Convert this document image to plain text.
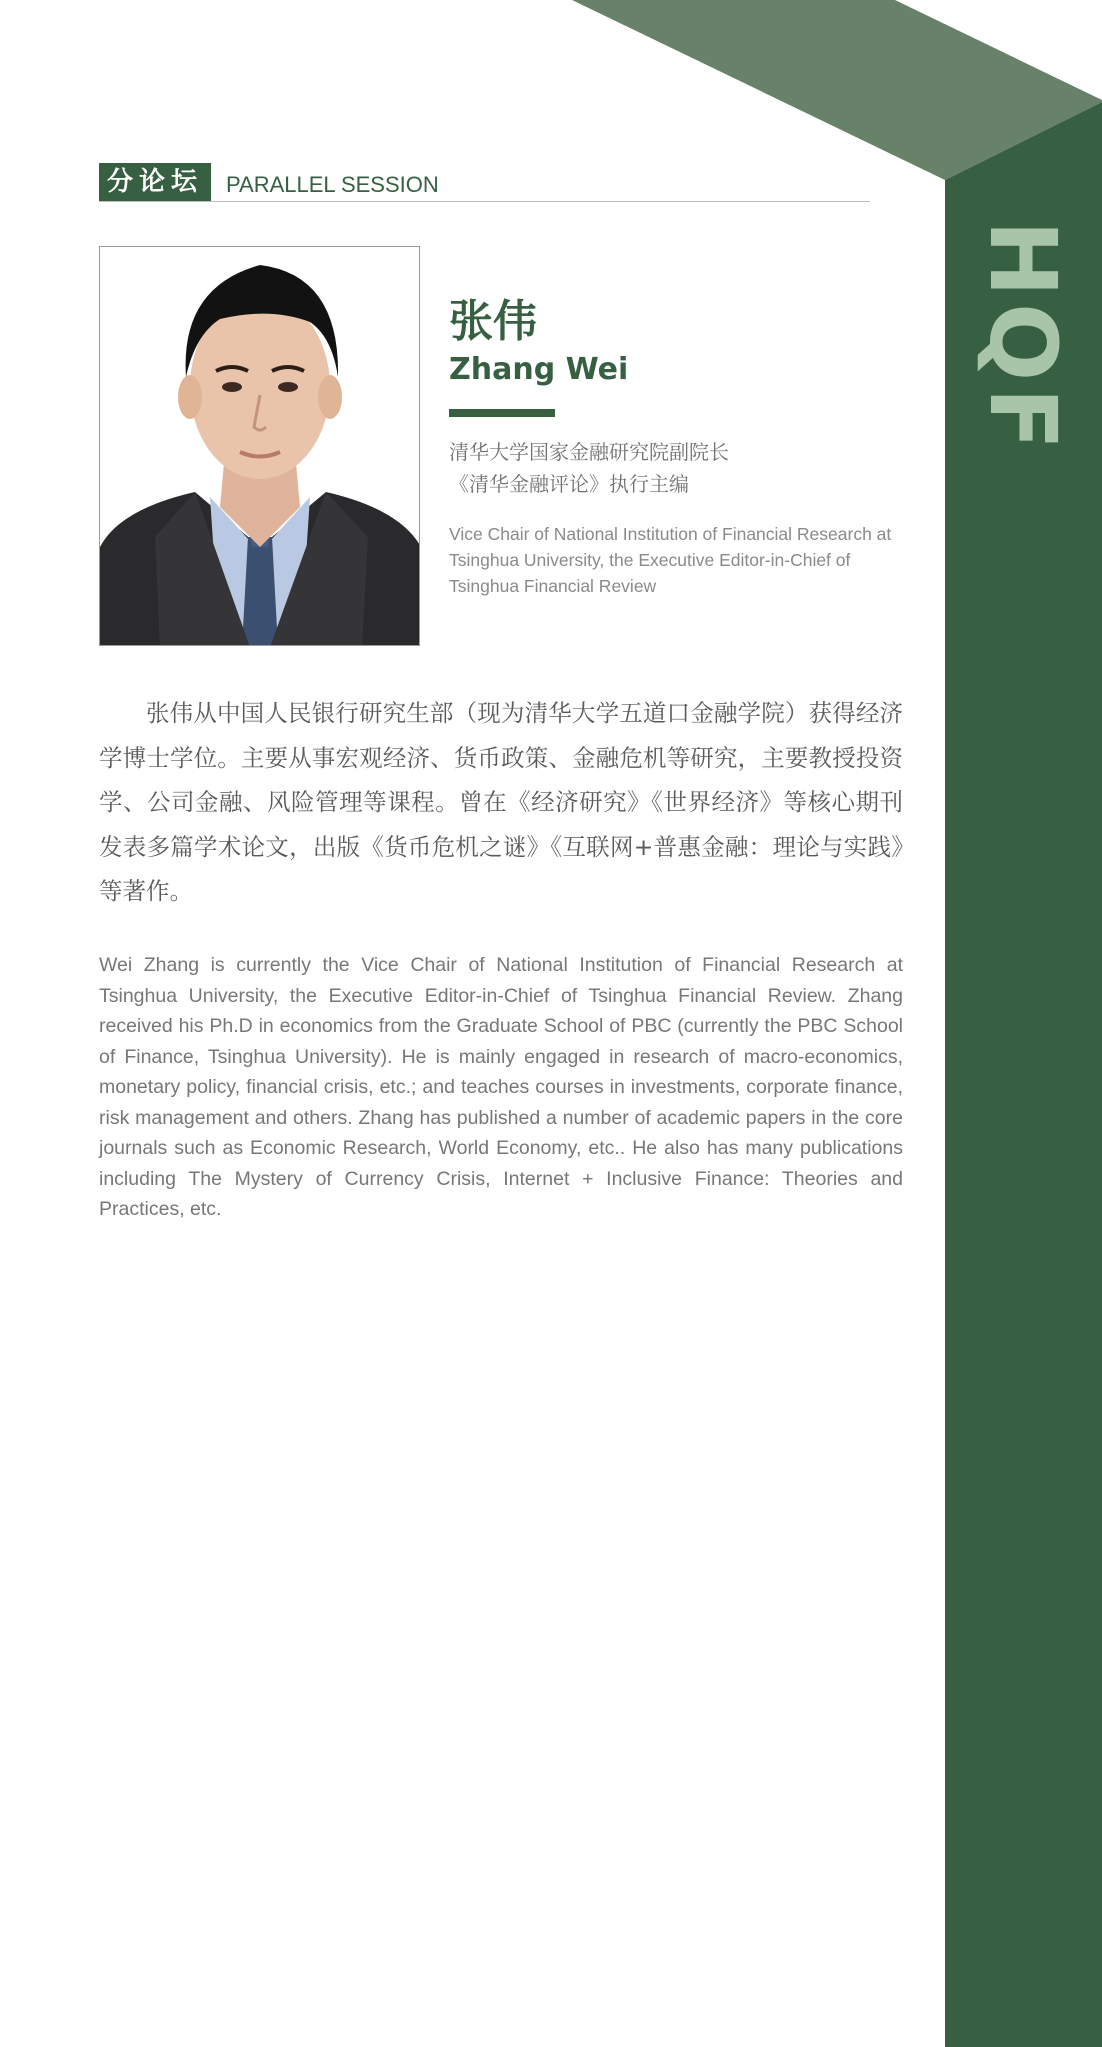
HQF
分论坛	PARALLEL SESSION
张伟
Zhang Wei
清华大学国家金融研究院副院长
《清华金融评论》执行主编
Vice Chair of National Institution of Financial Research at Tsinghua University, the Executive Editor-in-Chief of Tsinghua Financial Review

张伟从中国人民银行研究生部（现为清华大学五道口金融学院）获得经济学博士学位。主要从事宏观经济、货币政策、金融危机等研究，主要教授投资学、公司金融、风险管理等课程。曾在《经济研究》《世界经济》等核心期刊发表多篇学术论文，出版《货币危机之谜》《互联网+普惠金融：理论与实践》等著作。

Wei Zhang is currently the Vice Chair of National Institution of Financial Research at Tsinghua University, the Executive Editor-in-Chief of Tsinghua Financial Review. Zhang received his Ph.D in economics from the Graduate School of PBC (currently the PBC School of Finance, Tsinghua University). He is mainly engaged in research of macro-economics, monetary policy, financial crisis, etc.; and teaches courses in investments, corporate finance, risk management and others. Zhang has published a number of academic papers in the core journals such as Economic Research, World Economy, etc.. He also has many publications including The Mystery of Currency Crisis, Internet + Inclusive Finance: Theories and Practices, etc.
